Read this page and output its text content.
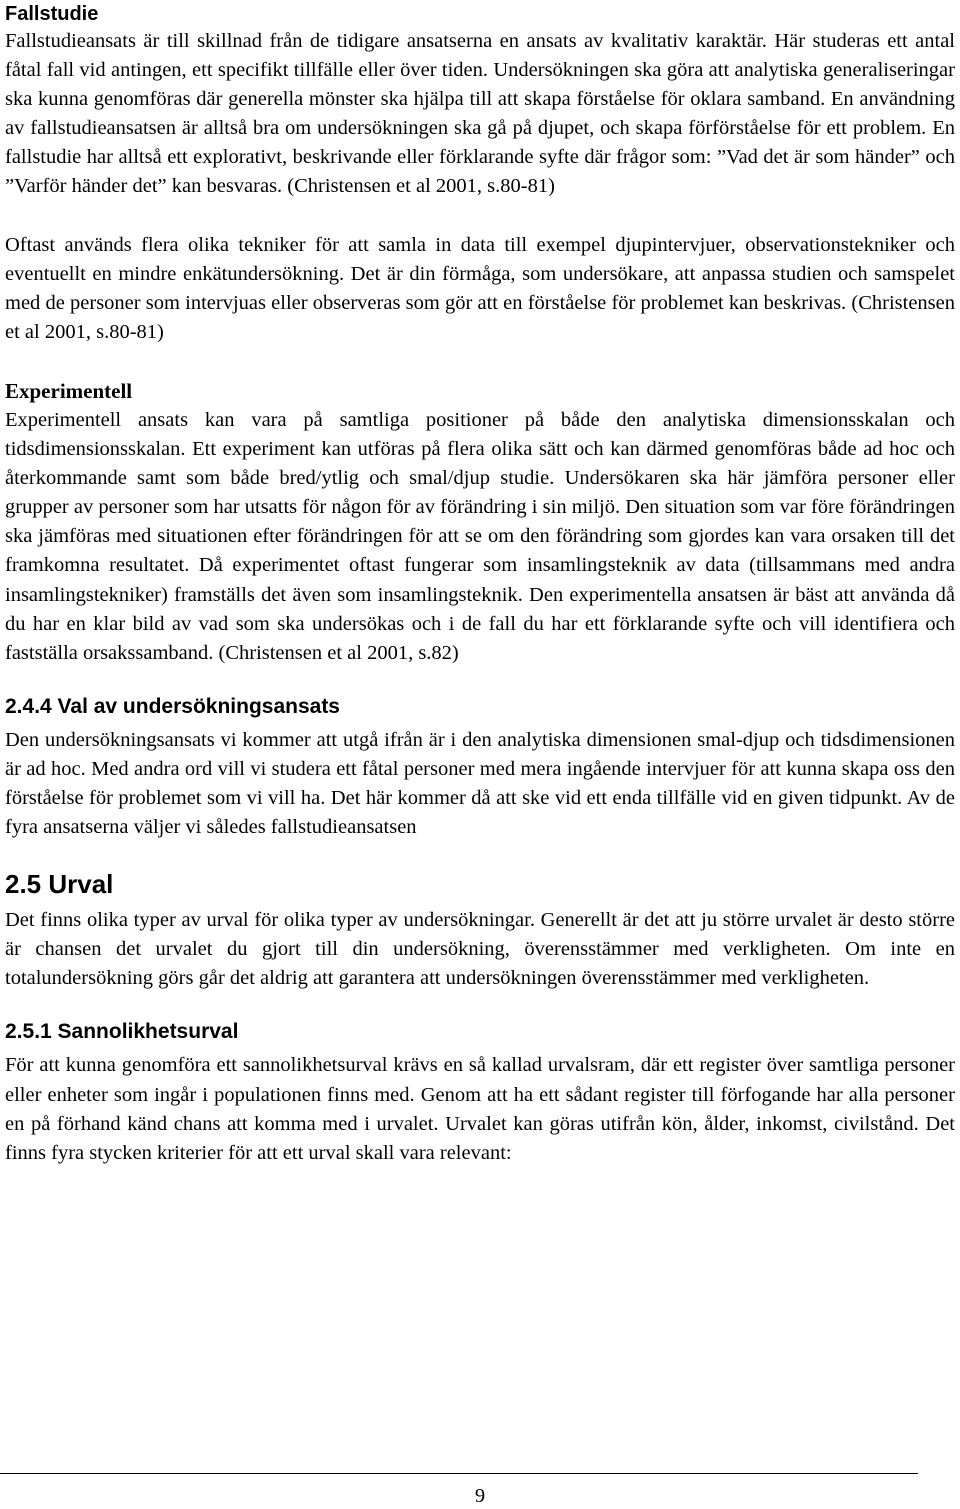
Fallstudie

Fallstudieansats är till skillnad från de tidigare ansatserna en ansats av kvalitativ karaktär. Här studeras ett antal fåtal fall vid antingen, ett specifikt tillfälle eller över tiden. Undersökningen ska göra att analytiska generaliseringar ska kunna genomföras där generella mönster ska hjälpa till att skapa förståelse för oklara samband. En användning av fallstudieansatsen är alltså bra om undersökningen ska gå på djupet, och skapa förförståelse för ett problem. En fallstudie har alltså ett explorativt, beskrivande eller förklarande syfte där frågor som: ”Vad det är som händer” och ”Varför händer det” kan besvaras. (Christensen et al 2001, s.80-81)

Oftast används flera olika tekniker för att samla in data till exempel djupintervjuer, observationstekniker och eventuellt en mindre enkätundersökning. Det är din förmåga, som undersökare, att anpassa studien och samspelet med de personer som intervjuas eller observeras som gör att en förståelse för problemet kan beskrivas. (Christensen et al 2001, s.80-81)

Experimentell

Experimentell ansats kan vara på samtliga positioner på både den analytiska dimensionsskalan och tidsdimensionsskalan. Ett experiment kan utföras på flera olika sätt och kan därmed genomföras både ad hoc och återkommande samt som både bred/ytlig och smal/djup studie. Undersökaren ska här jämföra personer eller grupper av personer som har utsatts för någon för av förändring i sin miljö. Den situation som var före förändringen ska jämföras med situationen efter förändringen för att se om den förändring som gjordes kan vara orsaken till det framkomna resultatet. Då experimentet oftast fungerar som insamlingsteknik av data (tillsammans med andra insamlingstekniker) framställs det även som insamlingsteknik. Den experimentella ansatsen är bäst att använda då du har en klar bild av vad som ska undersökas och i de fall du har ett förklarande syfte och vill identifiera och fastställa orsakssamband. (Christensen et al 2001, s.82)

2.4.4 Val av undersökningsansats

Den undersökningsansats vi kommer att utgå ifrån är i den analytiska dimensionen smal-djup och tidsdimensionen är ad hoc. Med andra ord vill vi studera ett fåtal personer med mera ingående intervjuer för att kunna skapa oss den förståelse för problemet som vi vill ha. Det här kommer då att ske vid ett enda tillfälle vid en given tidpunkt. Av de fyra ansatserna väljer vi således fallstudieansatsen

2.5 Urval

Det finns olika typer av urval för olika typer av undersökningar. Generellt är det att ju större urvalet är desto större är chansen det urvalet du gjort till din undersökning, överensstämmer med verkligheten. Om inte en totalundersökning görs går det aldrig att garantera att undersökningen överensstämmer med verkligheten.

2.5.1 Sannolikhetsurval

För att kunna genomföra ett sannolikhetsurval krävs en så kallad urvalsram, där ett register över samtliga personer eller enheter som ingår i populationen finns med. Genom att ha ett sådant register till förfogande har alla personer en på förhand känd chans att komma med i urvalet. Urvalet kan göras utifrån kön, ålder, inkomst, civilstånd. Det finns fyra stycken kriterier för att ett urval skall vara relevant:

9
